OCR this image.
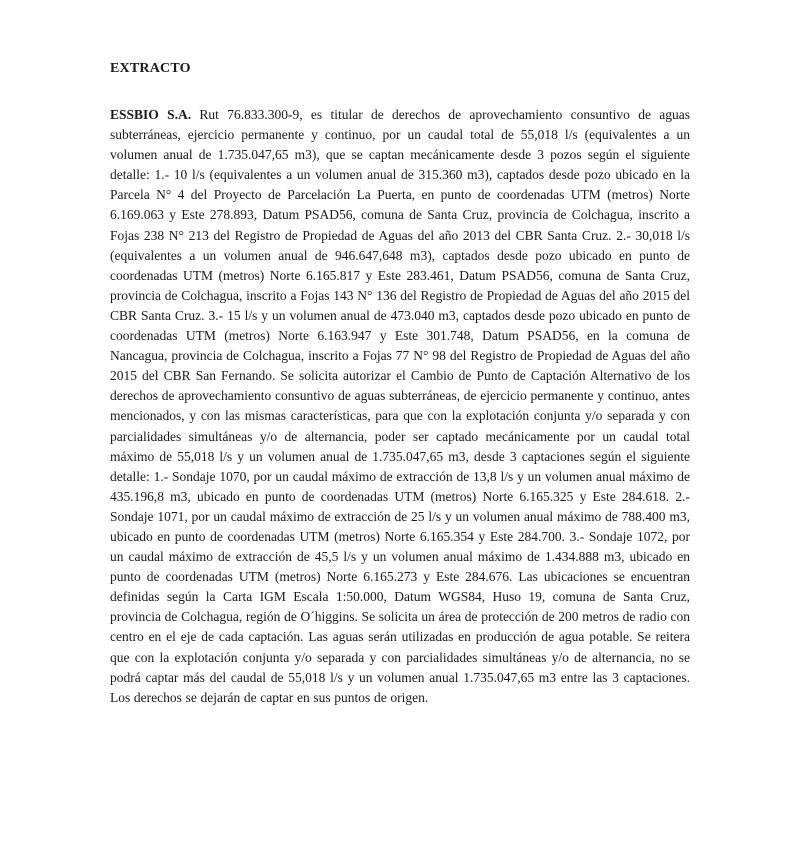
EXTRACTO

ESSBIO S.A. Rut 76.833.300-9, es titular de derechos de aprovechamiento consuntivo de aguas subterráneas, ejercicio permanente y continuo, por un caudal total de 55,018 l/s (equivalentes a un volumen anual de 1.735.047,65 m3), que se captan mecánicamente desde 3 pozos según el siguiente detalle: 1.- 10 l/s (equivalentes a un volumen anual de 315.360 m3), captados desde pozo ubicado en la Parcela N° 4 del Proyecto de Parcelación La Puerta, en punto de coordenadas UTM (metros) Norte 6.169.063 y Este 278.893, Datum PSAD56, comuna de Santa Cruz, provincia de Colchagua, inscrito a Fojas 238 N° 213 del Registro de Propiedad de Aguas del año 2013 del CBR Santa Cruz. 2.- 30,018 l/s (equivalentes a un volumen anual de 946.647,648 m3), captados desde pozo ubicado en punto de coordenadas UTM (metros) Norte 6.165.817 y Este 283.461, Datum PSAD56, comuna de Santa Cruz, provincia de Colchagua, inscrito a Fojas 143 N° 136 del Registro de Propiedad de Aguas del año 2015 del CBR Santa Cruz. 3.- 15 l/s y un volumen anual de 473.040 m3, captados desde pozo ubicado en punto de coordenadas UTM (metros) Norte 6.163.947 y Este 301.748, Datum PSAD56, en la comuna de Nancagua, provincia de Colchagua, inscrito a Fojas 77 N° 98 del Registro de Propiedad de Aguas del año 2015 del CBR San Fernando. Se solicita autorizar el Cambio de Punto de Captación Alternativo de los derechos de aprovechamiento consuntivo de aguas subterráneas, de ejercicio permanente y continuo, antes mencionados, y con las mismas características, para que con la explotación conjunta y/o separada y con parcialidades simultáneas y/o de alternancia, poder ser captado mecánicamente por un caudal total máximo de 55,018 l/s y un volumen anual de 1.735.047,65 m3, desde 3 captaciones según el siguiente detalle: 1.- Sondaje 1070, por un caudal máximo de extracción de 13,8 l/s y un volumen anual máximo de 435.196,8 m3, ubicado en punto de coordenadas UTM (metros) Norte 6.165.325 y Este 284.618. 2.- Sondaje 1071, por un caudal máximo de extracción de 25 l/s y un volumen anual máximo de 788.400 m3, ubicado en punto de coordenadas UTM (metros) Norte 6.165.354 y Este 284.700. 3.- Sondaje 1072, por un caudal máximo de extracción de 45,5 l/s y un volumen anual máximo de 1.434.888 m3, ubicado en punto de coordenadas UTM (metros) Norte 6.165.273 y Este 284.676. Las ubicaciones se encuentran definidas según la Carta IGM Escala 1:50.000, Datum WGS84, Huso 19, comuna de Santa Cruz, provincia de Colchagua, región de O´higgins. Se solicita un área de protección de 200 metros de radio con centro en el eje de cada captación. Las aguas serán utilizadas en producción de agua potable. Se reitera que con la explotación conjunta y/o separada y con parcialidades simultáneas y/o de alternancia, no se podrá captar más del caudal de 55,018 l/s y un volumen anual 1.735.047,65 m3 entre las 3 captaciones. Los derechos se dejarán de captar en sus puntos de origen.
